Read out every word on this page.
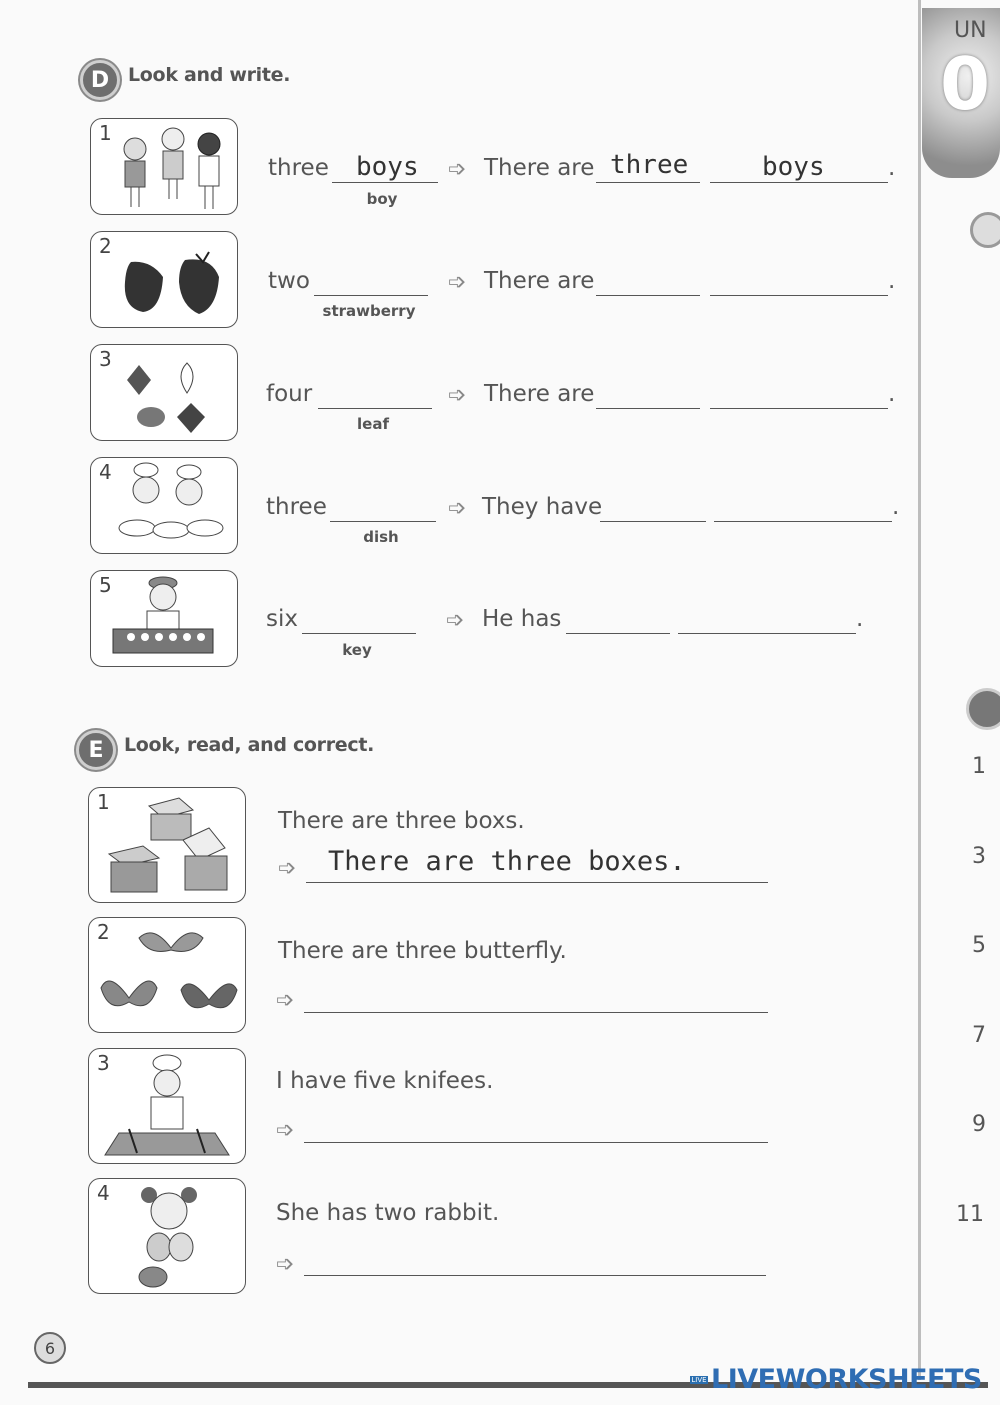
UN
0
1
3
5
7
9
11
D Look and write.
1
three boys
boy
➩ There are three	boys	.
2
two
strawberry
➩ There are	.
3
four
leaf
➩ There are	.
4
three
dish
➩ They have	.
5
six
key
➩ He has	.
E	Look, read, and correct.
1
There are three boxs.
➩ There are three boxes.
2
There are three butterfly.
➩
3
I have five knifees.
➩
4
She has two rabbit.
➩
6
LIVE LIVEWORKSHEETS
